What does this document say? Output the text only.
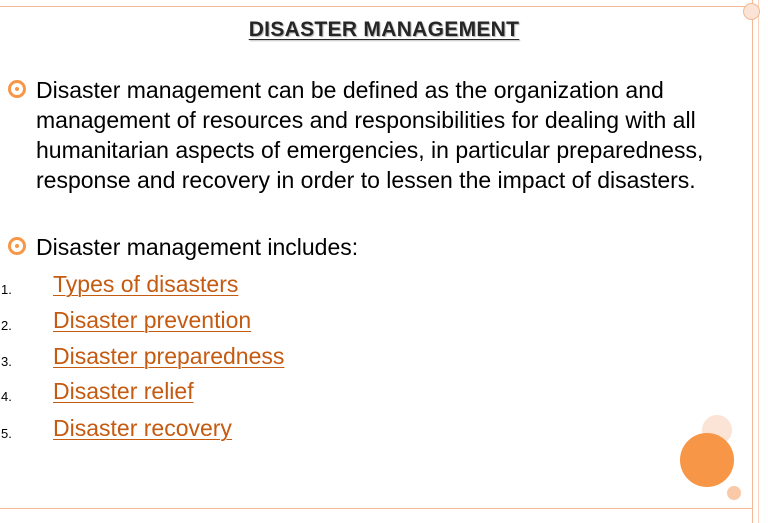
DISASTER MANAGEMENT
Disaster management can be defined as the organization and management of resources and responsibilities for dealing with all humanitarian aspects of emergencies, in particular preparedness, response and recovery in order to lessen the impact of disasters.
Disaster management includes:
1. Types of disasters
2. Disaster prevention
3. Disaster preparedness
4. Disaster relief
5. Disaster recovery
